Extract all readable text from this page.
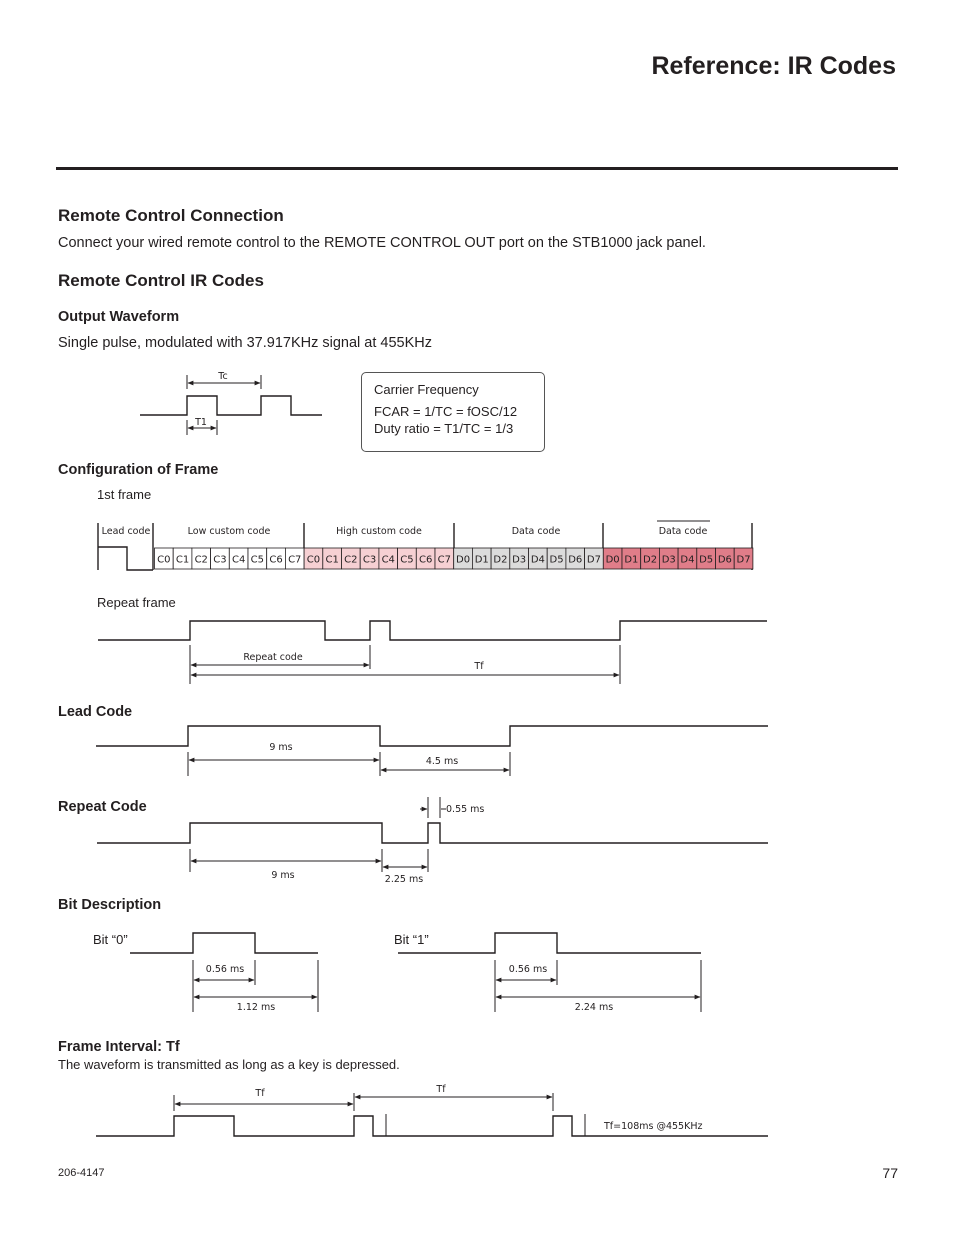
Reference: IR Codes
Remote Control Connection
Connect your wired remote control to the REMOTE CONTROL OUT port on the STB1000 jack panel.
Remote Control IR Codes
Output Waveform
Single pulse, modulated with 37.917KHz signal at 455KHz
Carrier Frequency
FCAR = 1/TC = fOSC/12
Duty ratio = T1/TC = 1/3
Configuration of Frame
1st frame
Repeat frame
Lead Code
Repeat Code
Bit Description
Bit “0”	Bit “1”
Frame Interval: Tf
The waveform is transmitted as long as a key is depressed.
206-4147	77
C0 C1 C2 C3 C4 C5 C6 C7 C0 C1 C2 C3 C4 C5 C6 C7 D0 D1 D2 D3 D4 D5 D6 D7 D0 D1 D2 D3 D4 D5 D6 D7
Tc
T1
Lead code	Low custom code	High custom code	Data code	Data code
Repeat code
Tf
9 ms
4.5 ms
0.55 ms
9 ms	2.25 ms
0.56 ms
1.12 ms
0.56 ms
2.24 ms
Tf	Tf
Tf=108ms @455KHz
